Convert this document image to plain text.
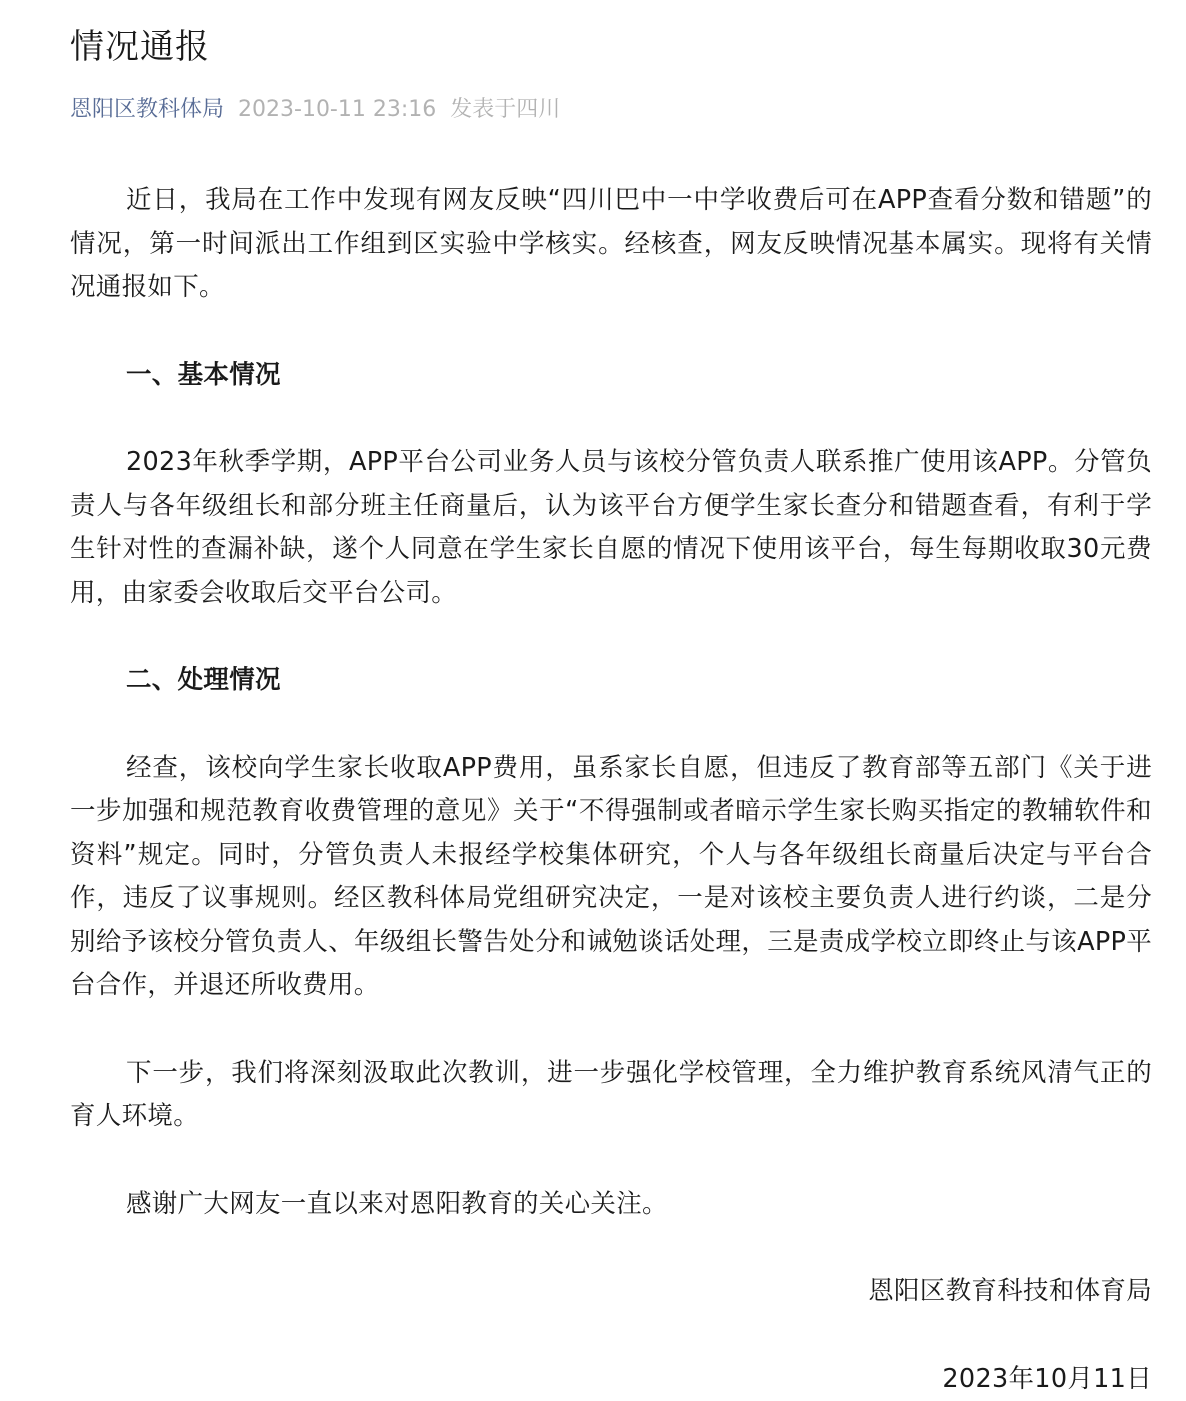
情况通报
恩阳区教科体局 2023-10-11 23:16 发表于四川

近日，我局在工作中发现有网友反映“四川巴中一中学收费后可在APP查看分数和错题”的情况，第一时间派出工作组到区实验中学核实。经核查，网友反映情况基本属实。现将有关情况通报如下。

一、基本情况

2023年秋季学期，APP平台公司业务人员与该校分管负责人联系推广使用该APP。分管负责人与各年级组长和部分班主任商量后，认为该平台方便学生家长查分和错题查看，有利于学生针对性的查漏补缺，遂个人同意在学生家长自愿的情况下使用该平台，每生每期收取30元费用，由家委会收取后交平台公司。

二、处理情况

经查，该校向学生家长收取APP费用，虽系家长自愿，但违反了教育部等五部门《关于进一步加强和规范教育收费管理的意见》关于“不得强制或者暗示学生家长购买指定的教辅软件和资料”规定。同时，分管负责人未报经学校集体研究，个人与各年级组长商量后决定与平台合作，违反了议事规则。经区教科体局党组研究决定，一是对该校主要负责人进行约谈，二是分别给予该校分管负责人、年级组长警告处分和诫勉谈话处理，三是责成学校立即终止与该APP平台合作，并退还所收费用。

下一步，我们将深刻汲取此次教训，进一步强化学校管理，全力维护教育系统风清气正的育人环境。

感谢广大网友一直以来对恩阳教育的关心关注。

恩阳区教育科技和体育局

2023年10月11日
